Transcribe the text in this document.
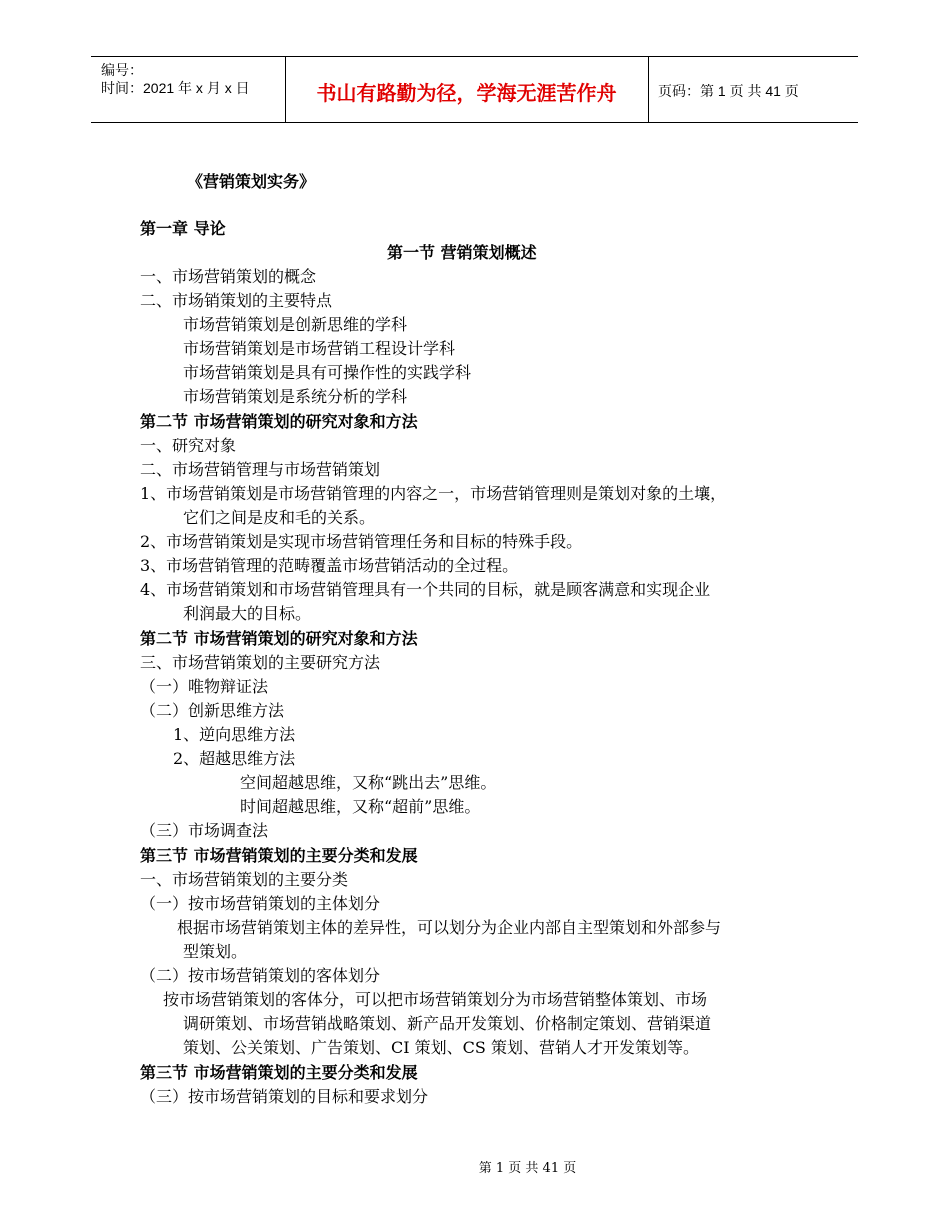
编号：
时间：2021 年 x 月 x 日	书山有路勤为径，学海无涯苦作舟	页码：第 1 页 共 41 页
《营销策划实务》
第一章 导论
第一节 营销策划概述
一、市场营销策划的概念
二、市场销策划的主要特点
市场营销策划是创新思维的学科
市场营销策划是市场营销工程设计学科
市场营销策划是具有可操作性的实践学科
市场营销策划是系统分析的学科
第二节 市场营销策划的研究对象和方法
一、研究对象
二、市场营销管理与市场营销策划
1、市场营销策划是市场营销管理的内容之一，市场营销管理则是策划对象的土壤，
它们之间是皮和毛的关系。
2、市场营销策划是实现市场营销管理任务和目标的特殊手段。
3、市场营销管理的范畴覆盖市场营销活动的全过程。
4、市场营销策划和市场营销管理具有一个共同的目标，就是顾客满意和实现企业
利润最大的目标。
第二节 市场营销策划的研究对象和方法
三、市场营销策划的主要研究方法
（一）唯物辩证法
（二）创新思维方法
1、逆向思维方法
2、超越思维方法
空间超越思维，又称“跳出去”思维。
时间超越思维，又称“超前”思维。
（三）市场调查法
第三节 市场营销策划的主要分类和发展
一、市场营销策划的主要分类
（一）按市场营销策划的主体划分
根据市场营销策划主体的差异性，可以划分为企业内部自主型策划和外部参与
型策划。
（二）按市场营销策划的客体划分
按市场营销策划的客体分，可以把市场营销策划分为市场营销整体策划、市场
调研策划、市场营销战略策划、新产品开发策划、价格制定策划、营销渠道
策划、公关策划、广告策划、CI 策划、CS 策划、营销人才开发策划等。
第三节 市场营销策划的主要分类和发展
（三）按市场营销策划的目标和要求划分
第 1 页 共 41 页
